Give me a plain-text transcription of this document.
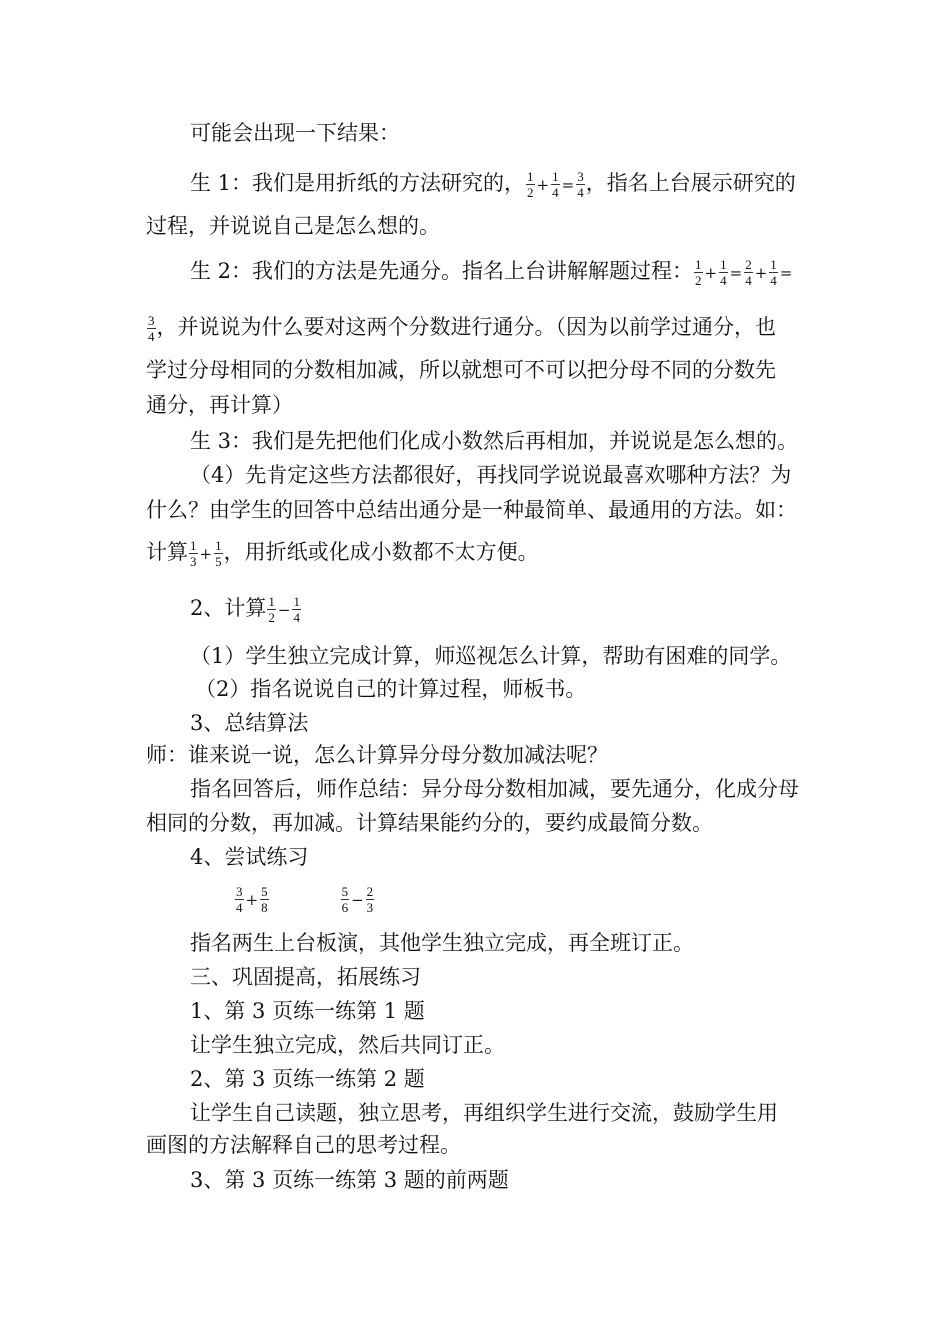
可能会出现一下结果：
生 1：我们是用折纸的方法研究的， $\frac{1}{2} + \frac{1}{4} = \frac{3}{4}$ ，指名上台展示研究的
过程，并说说自己是怎么想的。
生 2：我们的方法是先通分。指名上台讲解解题过程： $\frac{1}{2} + \frac{1}{4} = \frac{2}{4} + \frac{1}{4}$ =
$\frac{3}{4}$ ，并说说为什么要对这两个分数进行通分。（因为以前学过通分，也
学过分母相同的分数相加减，所以就想可不可以把分母不同的分数先
通分，再计算）
生 3：我们是先把他们化成小数然后再相加，并说说是怎么想的。
（4）先肯定这些方法都很好，再找同学说说最喜欢哪种方法？为
什么？由学生的回答中总结出通分是一种最简单、最通用的方法。如：
计算 $\frac{1}{3} + \frac{1}{5}$ ，用折纸或化成小数都不太方便。
2、计算 $\frac{1}{2} - \frac{1}{4}$
（1）学生独立完成计算，师巡视怎么计算，帮助有困难的同学。
（2）指名说说自己的计算过程，师板书。
3、总结算法
师：谁来说一说，怎么计算异分母分数加减法呢？
指名回答后，师作总结：异分母分数相加减，要先通分，化成分母
相同的分数，再加减。计算结果能约分的，要约成最简分数。
4、尝试练习
$\frac{3}{4} + \frac{5}{8}$	$\frac{5}{6} - \frac{2}{3}$
指名两生上台板演，其他学生独立完成，再全班订正。
三、巩固提高，拓展练习
1、第 3 页练一练第 1 题
让学生独立完成，然后共同订正。
2、第 3 页练一练第 2 题
让学生自己读题，独立思考，再组织学生进行交流，鼓励学生用
画图的方法解释自己的思考过程。
3、第 3 页练一练第 3 题的前两题
